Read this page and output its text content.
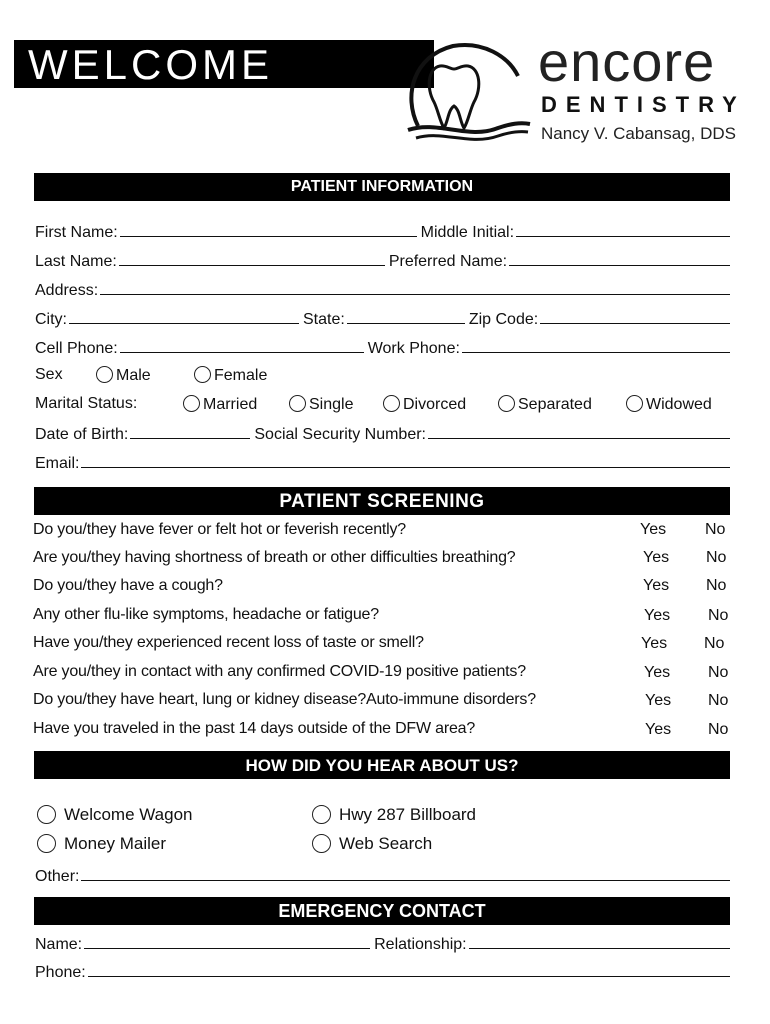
WELCOME	encore
DENTISTRY
Nancy V. Cabansag, DDS
PATIENT INFORMATION
First Name:	Middle Initial:
Last Name:	Preferred Name:
Address:
City:	State:	Zip Code:
Cell Phone:	Work Phone:
Sex	Male	Female
Marital Status:	Married	Single	Divorced	Separated	Widowed
Date of Birth:	Social Security Number:
Email:
PATIENT SCREENING
Do you/they have fever or felt hot or feverish recently?	Yes No
Are you/they having shortness of breath or other difficulties breathing?	Yes No
Do you/they have a cough?	Yes No
Any other flu-like symptoms, headache or fatigue?	Yes No
Have you/they experienced recent loss of taste or smell?	Yes No
Are you/they in contact with any confirmed COVID-19 positive patients?	Yes No
Do you/they have heart, lung or kidney disease?Auto-immune disorders?	Yes No
Have you traveled in the past 14 days outside of the DFW area?	Yes No
HOW DID YOU HEAR ABOUT US?
Welcome Wagon	Hwy 287 Billboard
Money Mailer	Web Search
Other:
EMERGENCY CONTACT
Name:	Relationship:
Phone:
